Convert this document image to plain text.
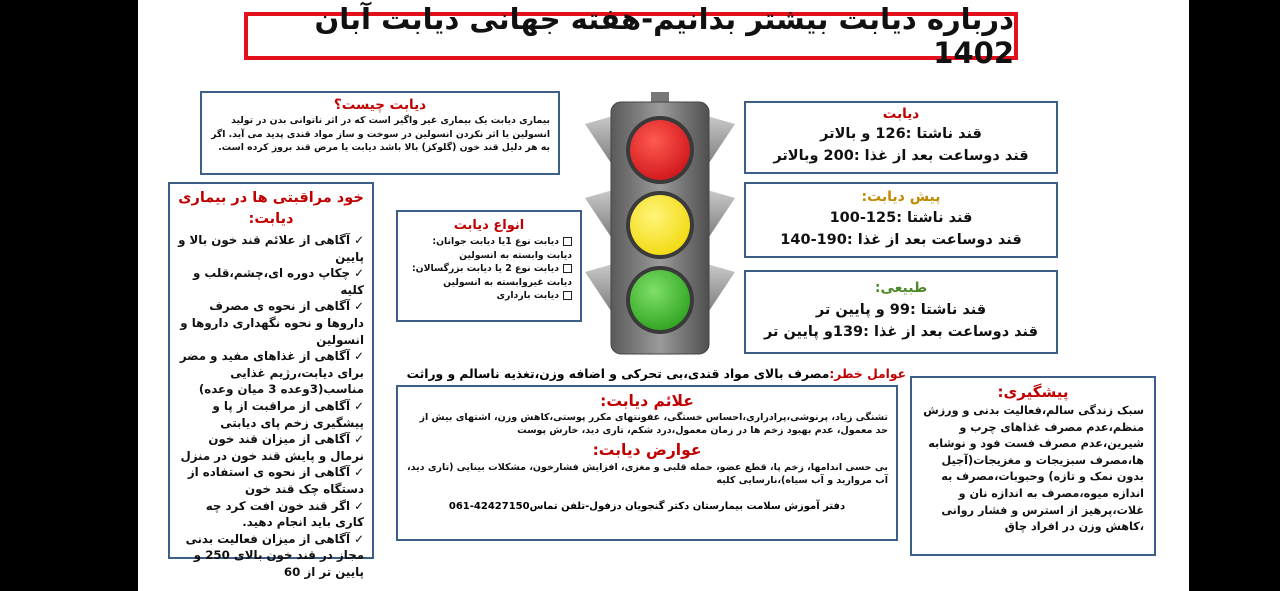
درباره دیابت بیشتر بدانیم-هفته جهانی دیابت آبان 1402
دیابت چیست؟
بیماری دیابت یک بیماری غیر واگیر است که در اثر ناتوانی بدن در تولید انسولین یا اثر نکردن انسولین در سوخت و ساز مواد قندی پدید می آید. اگر به هر دلیل قند خون (گلوکز) بالا باشد دیابت یا مرض قند بروز کرده است.
خود مراقبتی ها در بیماری دیابت:
✓آگاهی از علائم قند خون بالا و پایین
✓چکاپ دوره ای،چشم،قلب و کلیه
✓آگاهی از نحوه ی مصرف داروها و نحوه نگهداری داروها و انسولین
✓آگاهی از غذاهای مفید و مضر برای دیابت،رژیم غذایی مناسب(3وعده 3 میان وعده)
✓آگاهی از مراقبت از پا و پیشگیری زخم پای دیابتی
✓آگاهی از میزان قند خون نرمال و پایش قند خون در منزل
✓آگاهی از نحوه ی استفاده از دستگاه چک قند خون
✓اگر قند خون افت کرد چه کاری باید انجام دهید.
✓آگاهی از میزان فعالیت بدنی مجاز در قند خون بالای 250 و پایین تر از 60
انواع دیابت
دیابت نوع 1یا دیابت جوانان: دیابت وابسته به انسولین
دیابت نوع 2 یا دیابت بزرگسالان: دیابت غیروابسته به انسولین
دیابت بارداری
دیابت
قند ناشتا :126 و بالاتر
قند دوساعت بعد از غذا :200 وبالاتر
پیش دیابت:
قند ناشتا :125-100
قند دوساعت بعد از غذا :190-140
طبیعی:
قند ناشتا :99 و پایین تر
قند دوساعت بعد از غذا :139و پایین تر
عوامل خطر:مصرف بالای مواد قندی،بی تحرکی و اضافه وزن،تغذیه ناسالم و وراثت
علائم دیابت:
تشنگی زیاد، پرنوشی،پرادراری،احساس خستگی، عفونتهای مکرر پوستی،کاهش وزن، اشتهای بیش از حد معمول، عدم بهبود زخم ها در زمان معمول،درد شکم، تاری دید، خارش پوست
عوارض دیابت:
بی حسی اندامها، زخم پا، قطع عضو، حمله قلبی و مغزی، افزایش فشارخون، مشکلات بینایی (تاری دید، آب مروارید و آب سیاه)،نارسایی کلیه
دفتر آموزش سلامت بیمارستان دکتر گنجویان دزفول-تلفن تماس42427150-061
پیشگیری:
سبک زندگی سالم،فعالیت بدنی و ورزش منظم،عدم مصرف غذاهای چرب و شیرین،عدم مصرف فست فود و نوشابه ها،مصرف سبزیجات و مغزیجات(آجیل بدون نمک و تازه) وحبوبات،مصرف به اندازه میوه،مصرف به اندازه نان و غلات،پرهیز از استرس و فشار روانی ،کاهش وزن در افراد چاق
